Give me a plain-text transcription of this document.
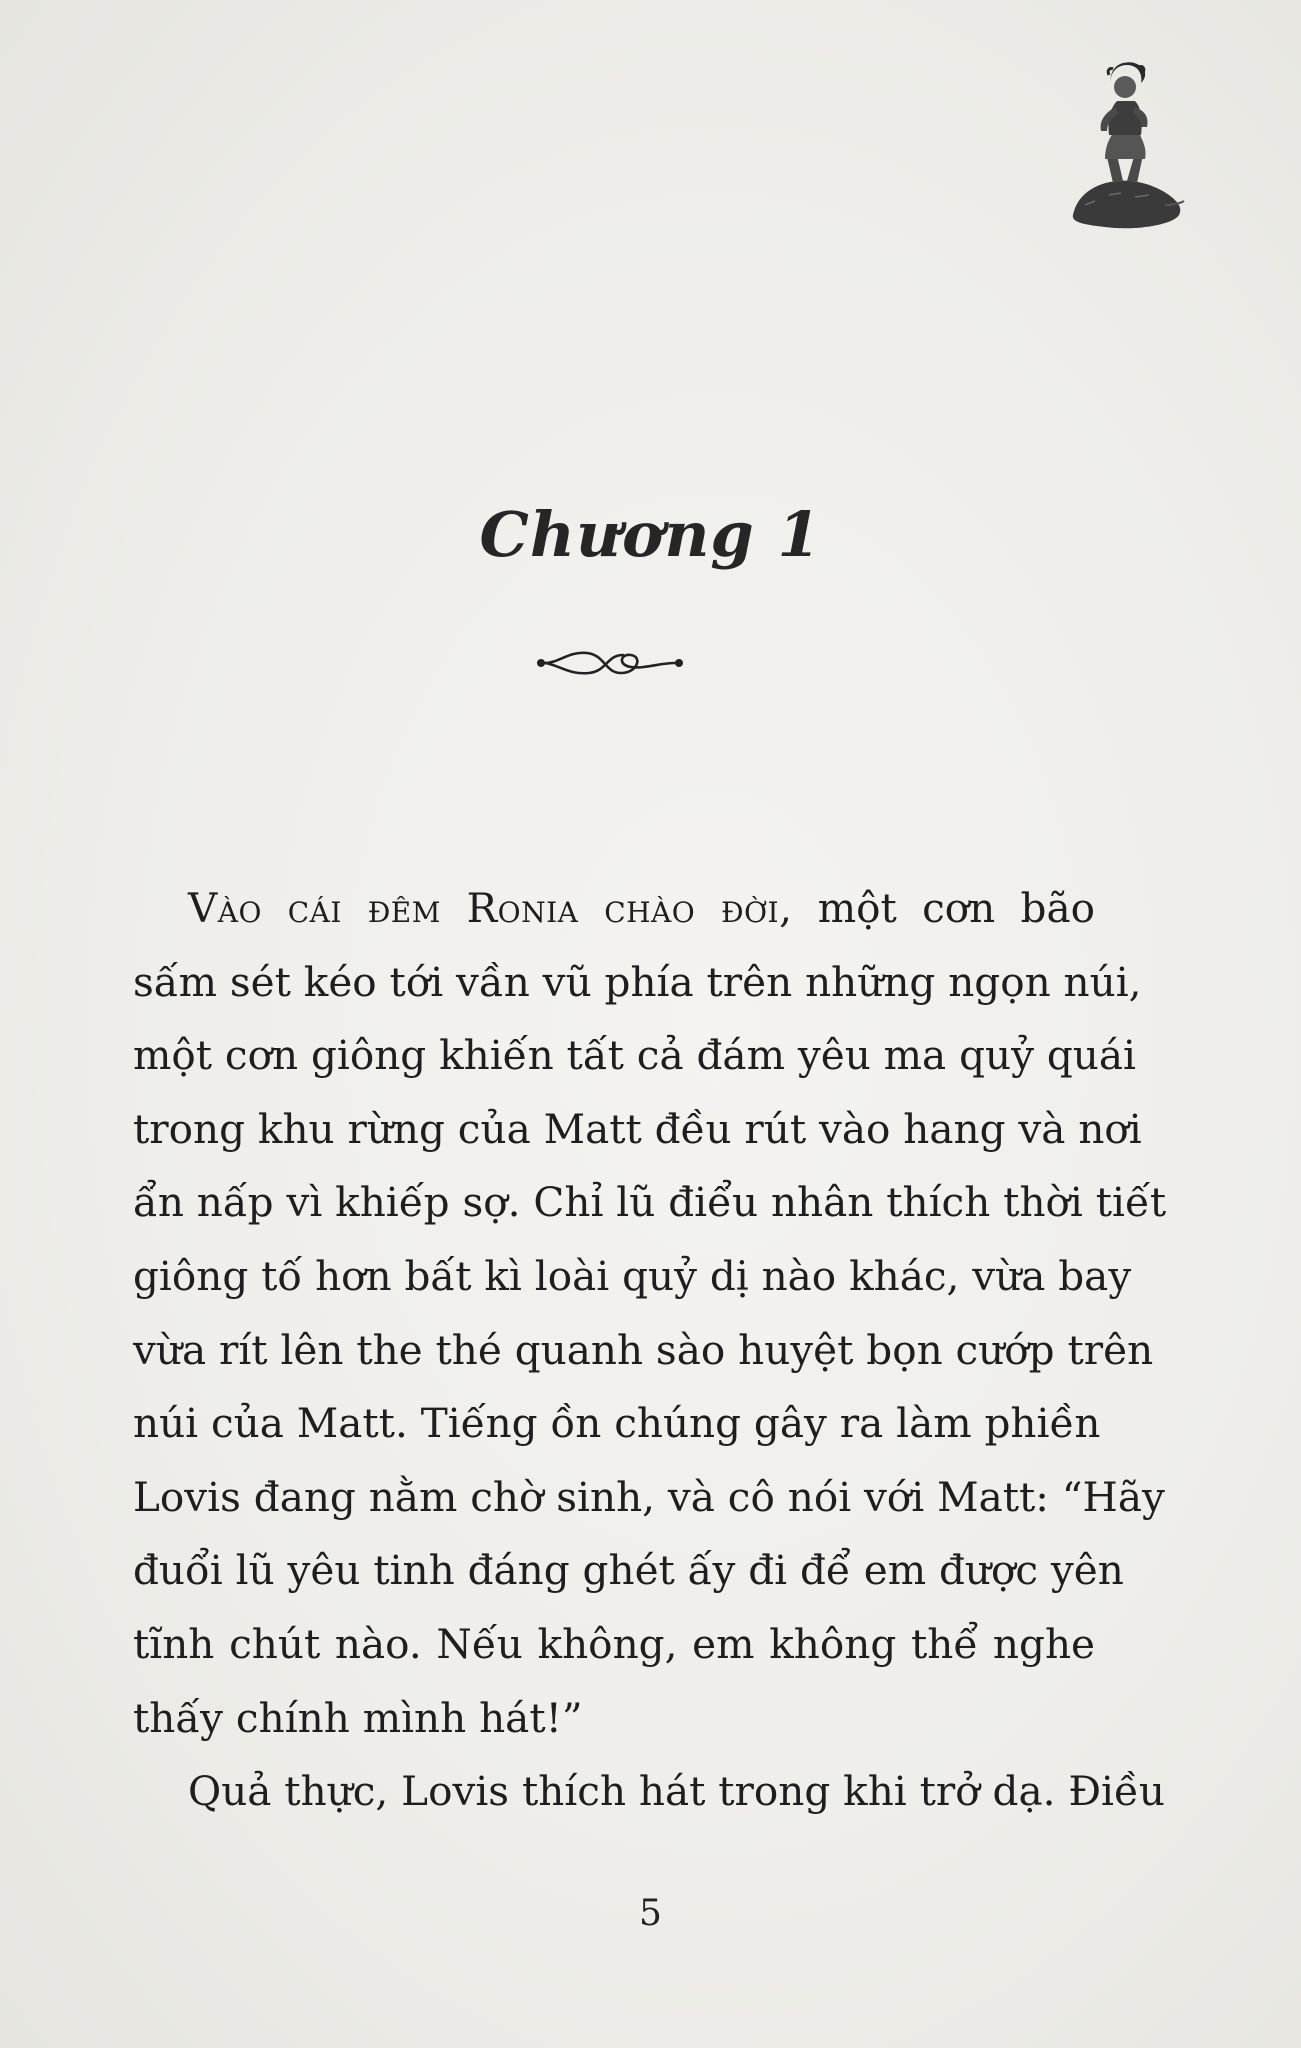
Chương 1

Vào cái đêm Ronia chào đời, một cơn bão
sấm sét kéo tới vần vũ phía trên những ngọn núi,
một cơn giông khiến tất cả đám yêu ma quỷ quái
trong khu rừng của Matt đều rút vào hang và nơi
ẩn nấp vì khiếp sợ. Chỉ lũ điểu nhân thích thời tiết
giông tố hơn bất kì loài quỷ dị nào khác, vừa bay
vừa rít lên the thé quanh sào huyệt bọn cướp trên
núi của Matt. Tiếng ồn chúng gây ra làm phiền
Lovis đang nằm chờ sinh, và cô nói với Matt: “Hãy
đuổi lũ yêu tinh đáng ghét ấy đi để em được yên
tĩnh chút nào. Nếu không, em không thể nghe
thấy chính mình hát!”

Quả thực, Lovis thích hát trong khi trở dạ. Điều

5
